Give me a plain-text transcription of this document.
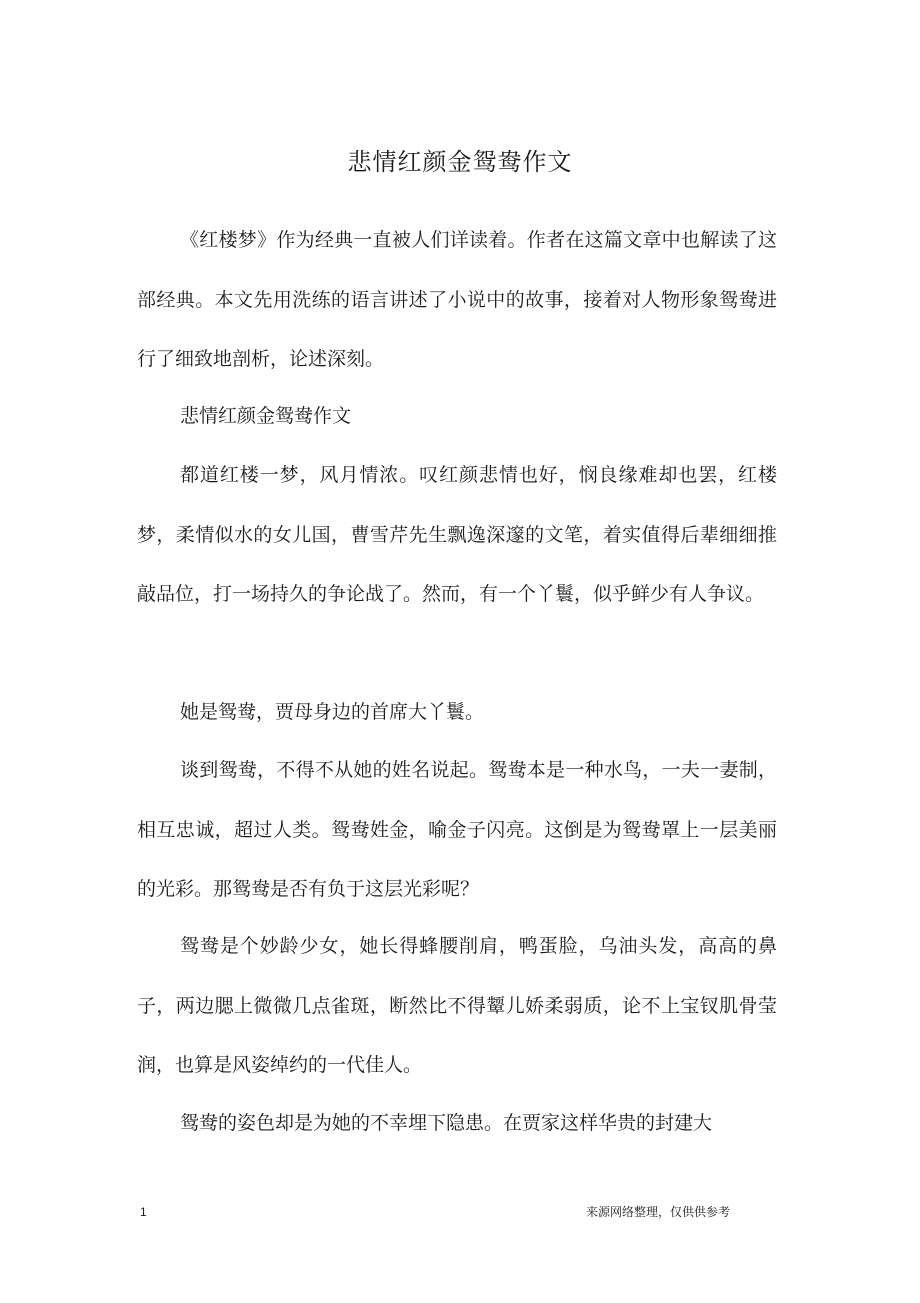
悲情红颜金鸳鸯作文

《红楼梦》作为经典一直被人们详读着。作者在这篇文章中也解读了这部经典。本文先用洗练的语言讲述了小说中的故事，接着对人物形象鸳鸯进行了细致地剖析，论述深刻。

悲情红颜金鸳鸯作文

都道红楼一梦，风月情浓。叹红颜悲情也好，悯良缘难却也罢，红楼梦，柔情似水的女儿国，曹雪芹先生飘逸深邃的文笔，着实值得后辈细细推敲品位，打一场持久的争论战了。然而，有一个丫鬟，似乎鲜少有人争议。

她是鸳鸯，贾母身边的首席大丫鬟。

谈到鸳鸯，不得不从她的姓名说起。鸳鸯本是一种水鸟，一夫一妻制，相互忠诚，超过人类。鸳鸯姓金，喻金子闪亮。这倒是为鸳鸯罩上一层美丽的光彩。那鸳鸯是否有负于这层光彩呢？

鸳鸯是个妙龄少女，她长得蜂腰削肩，鸭蛋脸，乌油头发，高高的鼻子，两边腮上微微几点雀斑，断然比不得颦儿娇柔弱质，论不上宝钗肌骨莹润，也算是风姿绰约的一代佳人。

鸳鸯的姿色却是为她的不幸埋下隐患。在贾家这样华贵的封建大

1	来源网络整理，仅供供参考
